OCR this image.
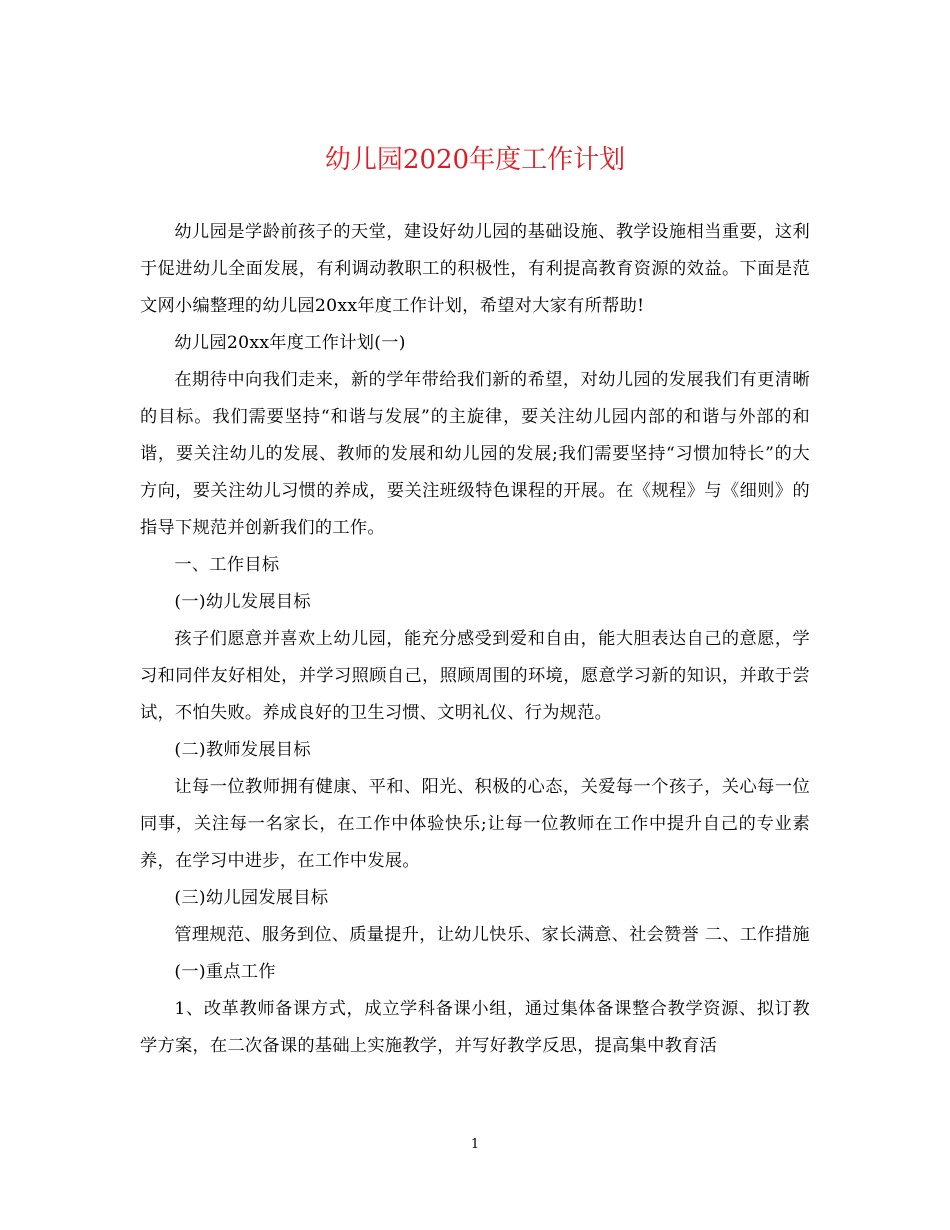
幼儿园2020年度工作计划

幼儿园是学龄前孩子的天堂，建设好幼儿园的基础设施、教学设施相当重要，这利于促进幼儿全面发展，有利调动教职工的积极性，有利提高教育资源的效益。下面是范文网小编整理的幼儿园20xx年度工作计划，希望对大家有所帮助!

幼儿园20xx年度工作计划(一)

在期待中向我们走来，新的学年带给我们新的希望，对幼儿园的发展我们有更清晰的目标。我们需要坚持“和谐与发展”的主旋律，要关注幼儿园内部的和谐与外部的和谐，要关注幼儿的发展、教师的发展和幼儿园的发展;我们需要坚持“习惯加特长”的大方向，要关注幼儿习惯的养成，要关注班级特色课程的开展。在《规程》与《细则》的指导下规范并创新我们的工作。

一、工作目标

(一)幼儿发展目标

孩子们愿意并喜欢上幼儿园，能充分感受到爱和自由，能大胆表达自己的意愿，学习和同伴友好相处，并学习照顾自己，照顾周围的环境，愿意学习新的知识，并敢于尝试，不怕失败。养成良好的卫生习惯、文明礼仪、行为规范。

(二)教师发展目标

让每一位教师拥有健康、平和、阳光、积极的心态，关爱每一个孩子，关心每一位同事，关注每一名家长，在工作中体验快乐;让每一位教师在工作中提升自己的专业素养，在学习中进步，在工作中发展。

(三)幼儿园发展目标

管理规范、服务到位、质量提升，让幼儿快乐、家长满意、社会赞誉 二、工作措施

(一)重点工作

1、改革教师备课方式，成立学科备课小组，通过集体备课整合教学资源、拟订教学方案，在二次备课的基础上实施教学，并写好教学反思，提高集中教育活

1
